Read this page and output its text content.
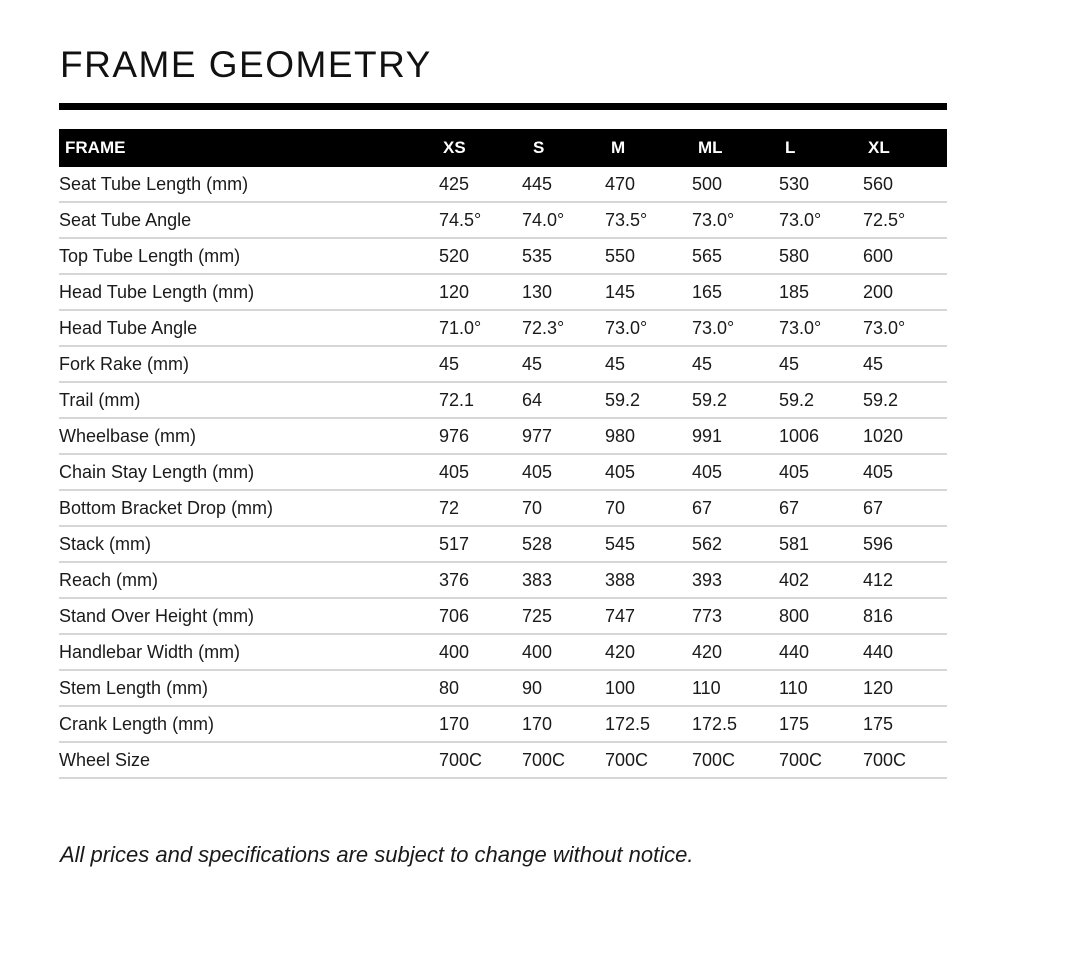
FRAME GEOMETRY
FRAME	XS	S	M	ML	L	XL
Seat Tube Length (mm)	425	445	470	500	530	560
Seat Tube Angle	74.5°	74.0°	73.5°	73.0°	73.0°	72.5°
Top Tube Length (mm)	520	535	550	565	580	600
Head Tube Length (mm)	120	130	145	165	185	200
Head Tube Angle	71.0°	72.3°	73.0°	73.0°	73.0°	73.0°
Fork Rake (mm)	45	45	45	45	45	45
Trail (mm)	72.1	64	59.2	59.2	59.2	59.2
Wheelbase (mm)	976	977	980	991	1006	1020
Chain Stay Length (mm)	405	405	405	405	405	405
Bottom Bracket Drop (mm)	72	70	70	67	67	67
Stack (mm)	517	528	545	562	581	596
Reach (mm)	376	383	388	393	402	412
Stand Over Height (mm)	706	725	747	773	800	816
Handlebar Width (mm)	400	400	420	420	440	440
Stem Length (mm)	80	90	100	110	110	120
Crank Length (mm)	170	170	172.5	172.5	175	175
Wheel Size	700C	700C	700C	700C	700C	700C
All prices and specifications are subject to change without notice.
